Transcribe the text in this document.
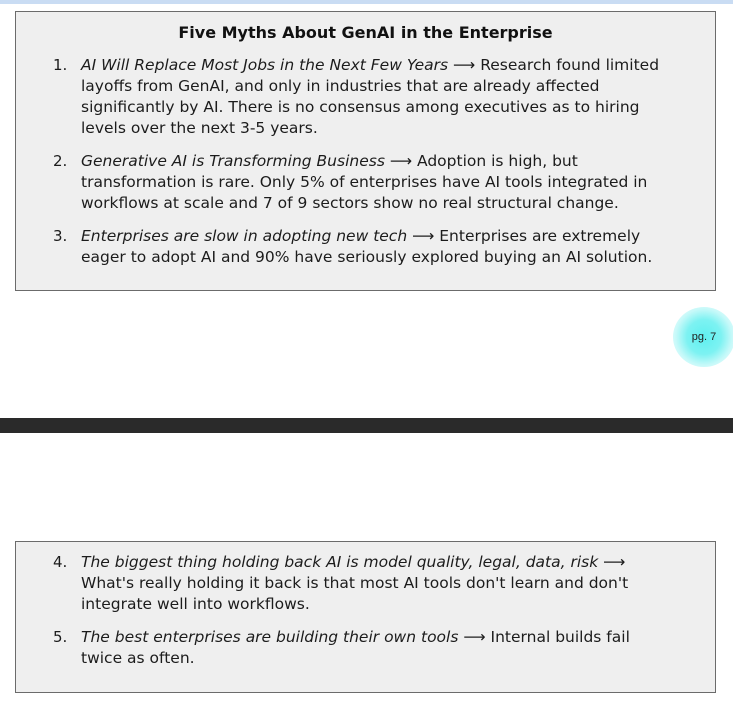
Five Myths About GenAI in the Enterprise
1. AI Will Replace Most Jobs in the Next Few Years ⟶ Research found limited layoffs from GenAI, and only in industries that are already affected significantly by AI. There is no consensus among executives as to hiring levels over the next 3-5 years.
2. Generative AI is Transforming Business ⟶ Adoption is high, but transformation is rare. Only 5% of enterprises have AI tools integrated in workflows at scale and 7 of 9 sectors show no real structural change.
3. Enterprises are slow in adopting new tech ⟶ Enterprises are extremely eager to adopt AI and 90% have seriously explored buying an AI solution.
pg. 7
4. The biggest thing holding back AI is model quality, legal, data, risk ⟶ What's really holding it back is that most AI tools don't learn and don't integrate well into workflows.
5. The best enterprises are building their own tools ⟶ Internal builds fail twice as often.
